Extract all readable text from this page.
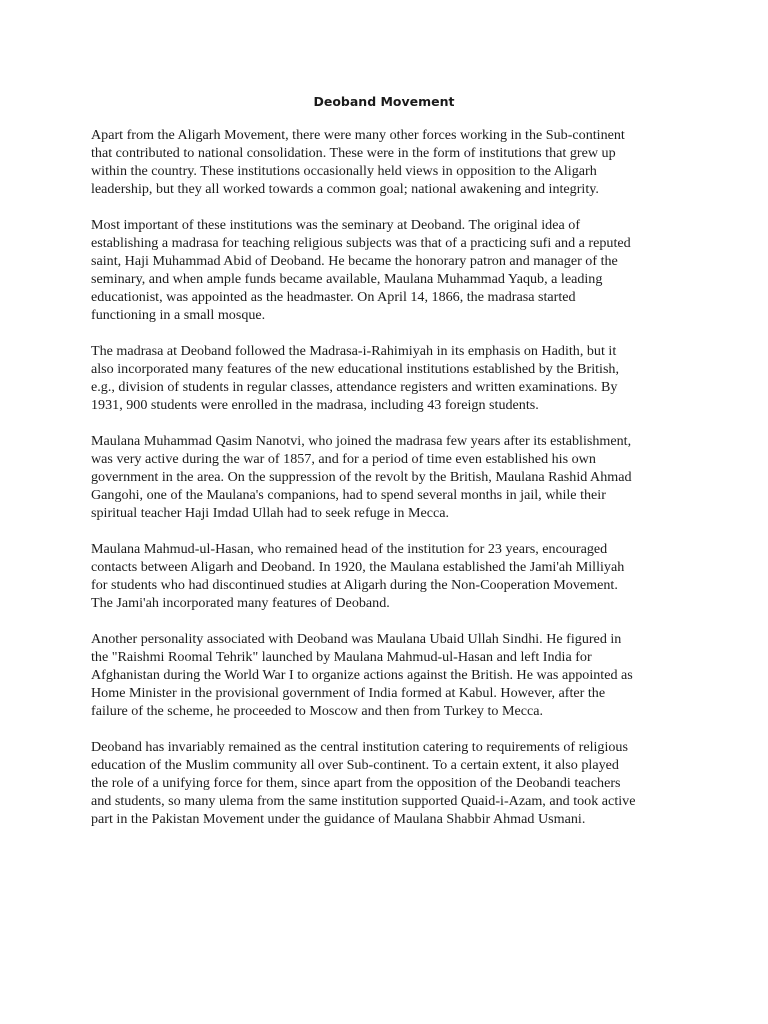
Deoband Movement

Apart from the Aligarh Movement, there were many other forces working in the Sub-continent
that contributed to national consolidation. These were in the form of institutions that grew up
within the country. These institutions occasionally held views in opposition to the Aligarh
leadership, but they all worked towards a common goal; national awakening and integrity.

Most important of these institutions was the seminary at Deoband. The original idea of
establishing a madrasa for teaching religious subjects was that of a practicing sufi and a reputed
saint, Haji Muhammad Abid of Deoband. He became the honorary patron and manager of the
seminary, and when ample funds became available, Maulana Muhammad Yaqub, a leading
educationist, was appointed as the headmaster. On April 14, 1866, the madrasa started
functioning in a small mosque.

The madrasa at Deoband followed the Madrasa-i-Rahimiyah in its emphasis on Hadith, but it
also incorporated many features of the new educational institutions established by the British,
e.g., division of students in regular classes, attendance registers and written examinations. By
1931, 900 students were enrolled in the madrasa, including 43 foreign students.

Maulana Muhammad Qasim Nanotvi, who joined the madrasa few years after its establishment,
was very active during the war of 1857, and for a period of time even established his own
government in the area. On the suppression of the revolt by the British, Maulana Rashid Ahmad
Gangohi, one of the Maulana's companions, had to spend several months in jail, while their
spiritual teacher Haji Imdad Ullah had to seek refuge in Mecca.

Maulana Mahmud-ul-Hasan, who remained head of the institution for 23 years, encouraged
contacts between Aligarh and Deoband. In 1920, the Maulana established the Jami'ah Milliyah
for students who had discontinued studies at Aligarh during the Non-Cooperation Movement.
The Jami'ah incorporated many features of Deoband.

Another personality associated with Deoband was Maulana Ubaid Ullah Sindhi. He figured in
the "Raishmi Roomal Tehrik" launched by Maulana Mahmud-ul-Hasan and left India for
Afghanistan during the World War I to organize actions against the British. He was appointed as
Home Minister in the provisional government of India formed at Kabul. However, after the
failure of the scheme, he proceeded to Moscow and then from Turkey to Mecca.

Deoband has invariably remained as the central institution catering to requirements of religious
education of the Muslim community all over Sub-continent. To a certain extent, it also played
the role of a unifying force for them, since apart from the opposition of the Deobandi teachers
and students, so many ulema from the same institution supported Quaid-i-Azam, and took active
part in the Pakistan Movement under the guidance of Maulana Shabbir Ahmad Usmani.
